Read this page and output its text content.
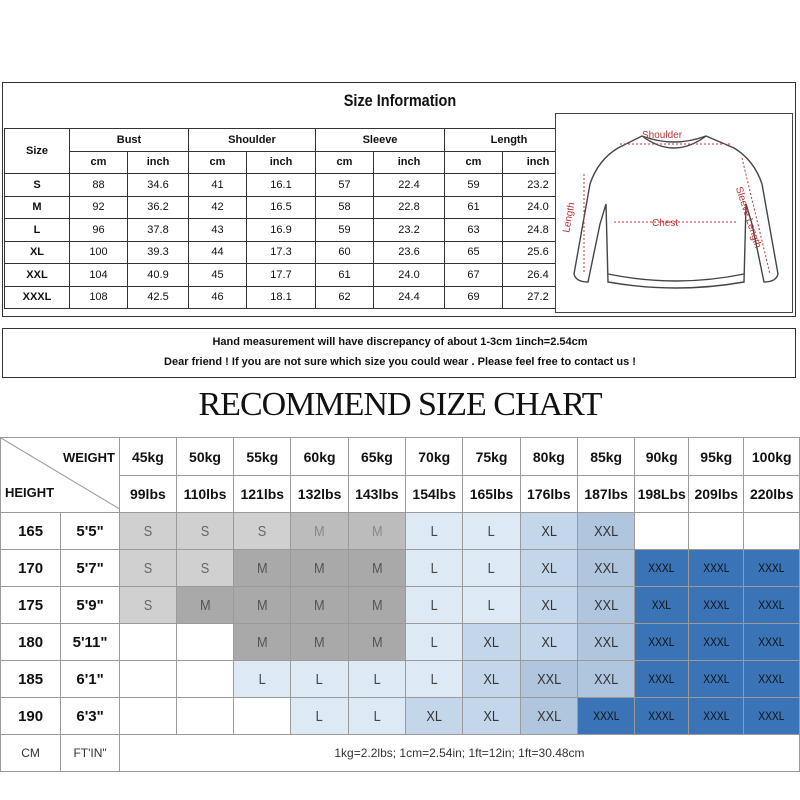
Size Information
Size	Bust		Shoulder		Sleeve		Length	
	cm	inch	cm	inch	cm	inch	cm	inch
S	88	34.6	41	16.1	57	22.4	59	23.2
M	92	36.2	42	16.5	58	22.8	61	24.0
L	96	37.8	43	16.9	59	23.2	63	24.8
XL	100	39.3	44	17.3	60	23.6	65	25.6
XXL	104	40.9	45	17.7	61	24.0	67	26.4
XXXL	108	42.5	46	18.1	62	24.4	69	27.2
Shoulder
Chest
Length	Sleeve Length
Hand measurement will have discrepancy of about 1-3cm 1inch=2.54cm
Dear friend ! If you are not sure which size you could wear . Please feel free to contact us !
RECOMMEND SIZE CHART
WEIGHT
HEIGHT		45kg	50kg	55kg	60kg	65kg	70kg	75kg	80kg	85kg	90kg	95kg	100kg
		99lbs	110lbs	121lbs	132lbs	143lbs	154lbs	165lbs	176lbs	187lbs	198Lbs	209lbs	220lbs
165	5'5"	S	S	S	M	M	L	L	XL	XXL			
170	5'7"	S	S	M	M	M	L	L	XL	XXL	XXXL	XXXL	XXXL
175	5'9"	S	M	M	M	M	L	L	XL	XXL	XXL	XXXL	XXXL
180	5'11"			M	M	M	L	XL	XL	XXL	XXXL	XXXL	XXXL
185	6'1"			L	L	L	L	XL	XXL	XXL	XXXL	XXXL	XXXL
190	6'3"				L	L	XL	XL	XXL	XXXL	XXXL	XXXL	XXXL
CM	FT'IN"	1kg=2.2lbs; 1cm=2.54in; 1ft=12in; 1ft=30.48cm											
